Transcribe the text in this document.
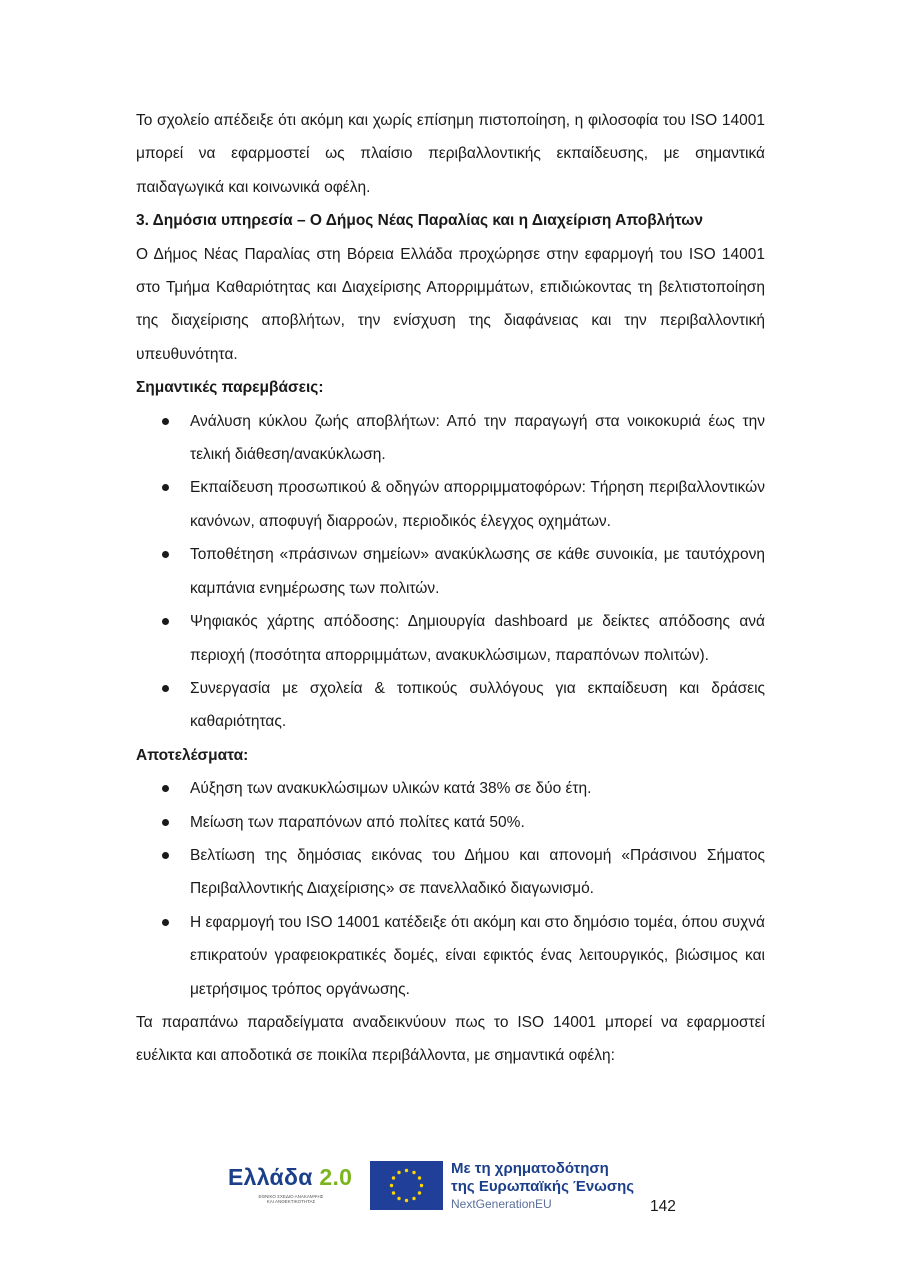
Το σχολείο απέδειξε ότι ακόμη και χωρίς επίσημη πιστοποίηση, η φιλοσοφία του ISO 14001 μπορεί να εφαρμοστεί ως πλαίσιο περιβαλλοντικής εκπαίδευσης, με σημαντικά παιδαγωγικά και κοινωνικά οφέλη.

3. Δημόσια υπηρεσία – Ο Δήμος Νέας Παραλίας και η Διαχείριση Αποβλήτων

Ο Δήμος Νέας Παραλίας στη Βόρεια Ελλάδα προχώρησε στην εφαρμογή του ISO 14001 στο Τμήμα Καθαριότητας και Διαχείρισης Απορριμμάτων, επιδιώκοντας τη βελτιστοποίηση της διαχείρισης αποβλήτων, την ενίσχυση της διαφάνειας και την περιβαλλοντική υπευθυνότητα.

Σημαντικές παρεμβάσεις:

Ανάλυση κύκλου ζωής αποβλήτων: Από την παραγωγή στα νοικοκυριά έως την τελική διάθεση/ανακύκλωση.
Εκπαίδευση προσωπικού & οδηγών απορριμματοφόρων: Τήρηση περιβαλλοντικών κανόνων, αποφυγή διαρροών, περιοδικός έλεγχος οχημάτων.
Τοποθέτηση «πράσινων σημείων» ανακύκλωσης σε κάθε συνοικία, με ταυτόχρονη καμπάνια ενημέρωσης των πολιτών.
Ψηφιακός χάρτης απόδοσης: Δημιουργία dashboard με δείκτες απόδοσης ανά περιοχή (ποσότητα απορριμμάτων, ανακυκλώσιμων, παραπόνων πολιτών).
Συνεργασία με σχολεία & τοπικούς συλλόγους για εκπαίδευση και δράσεις καθαριότητας.

Αποτελέσματα:

Αύξηση των ανακυκλώσιμων υλικών κατά 38% σε δύο έτη.
Μείωση των παραπόνων από πολίτες κατά 50%.
Βελτίωση της δημόσιας εικόνας του Δήμου και απονομή «Πράσινου Σήματος Περιβαλλοντικής Διαχείρισης» σε πανελλαδικό διαγωνισμό.
Η εφαρμογή του ISO 14001 κατέδειξε ότι ακόμη και στο δημόσιο τομέα, όπου συχνά επικρατούν γραφειοκρατικές δομές, είναι εφικτός ένας λειτουργικός, βιώσιμος και μετρήσιμος τρόπος οργάνωσης.

Τα παραπάνω παραδείγματα αναδεικνύουν πως το ISO 14001 μπορεί να εφαρμοστεί ευέλικτα και αποδοτικά σε ποικίλα περιβάλλοντα, με σημαντικά οφέλη:

Ελλάδα 2.0
ΕΘΝΙΚΟ ΣΧΕΔΙΟ ΑΝΑΚΑΜΨΗΣ ΚΑΙ ΑΝΘΕΚΤΙΚΟΤΗΤΑΣ
Με τη χρηματοδότηση
της Ευρωπαϊκής Ένωσης
NextGenerationEU	142
